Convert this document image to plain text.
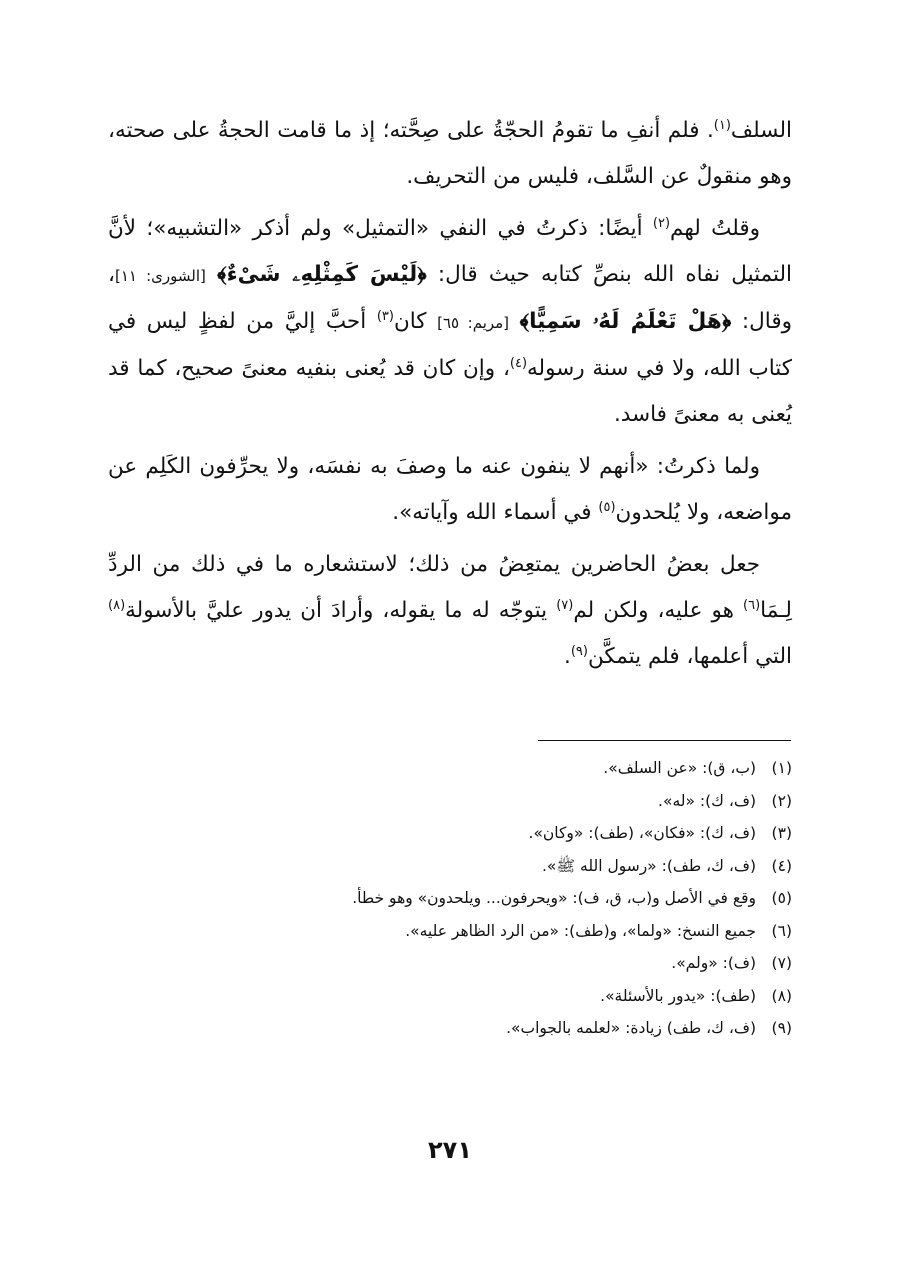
السلف$^{(١)}$. فلم أنفِ ما تقومُ الحجّةُ على صِحَّته؛ إذ ما قامت الحجةُ على صحته، وهو منقولٌ عن السَّلف، فليس من التحريف.

وقلتُ لهم$^{(٢)}$ أيضًا: ذكرتُ في النفي «التمثيل» ولم أذكر «التشبيه»؛ لأنَّ التمثيل نفاه الله بنصِّ كتابه حيث قال: ﴿لَيْسَ كَمِثْلِهِۦ شَىْءٌ﴾ [الشورى: ١١]، وقال: ﴿هَلْ تَعْلَمُ لَهُۥ سَمِيًّا﴾ [مريم: ٦٥] كان$^{(٣)}$ أحبَّ إليَّ من لفظٍ ليس في كتاب الله، ولا في سنة رسوله$^{(٤)}$، وإن كان قد يُعنى بنفيه معنىً صحيح، كما قد يُعنى به معنىً فاسد.

ولما ذكرتُ: «أنهم لا ينفون عنه ما وصفَ به نفسَه، ولا يحرِّفون الكَلِم عن مواضعه، ولا يُلحدون$^{(٥)}$ في أسماء الله وآياته».

جعل بعضُ الحاضرين يمتعِضُ من ذلك؛ لاستشعاره ما في ذلك من الردِّ لِـمَا$^{(٦)}$ هو عليه، ولكن لم$^{(٧)}$ يتوجّه له ما يقوله، وأرادَ أن يدور عليَّ بالأسولة$^{(٨)}$ التي أعلمها، فلم يتمكَّن$^{(٩)}$.

(١)(ب، ق): «عن السلف».
(٢)(ف، ك): «له».
(٣)(ف، ك): «فكان»، (طف): «وكان».
(٤)(ف، ك، طف): «رسول الله ﷺ».
(٥)وقع في الأصل و(ب، ق، ف): «ويحرفون... ويلحدون» وهو خطأ.
(٦)جميع النسخ: «ولما»، و(طف): «من الرد الظاهر عليه».
(٧)(ف): «ولم».
(٨)(طف): «يدور بالأسئلة».
(٩)(ف، ك، طف) زيادة: «لعلمه بالجواب».
٢٧١
